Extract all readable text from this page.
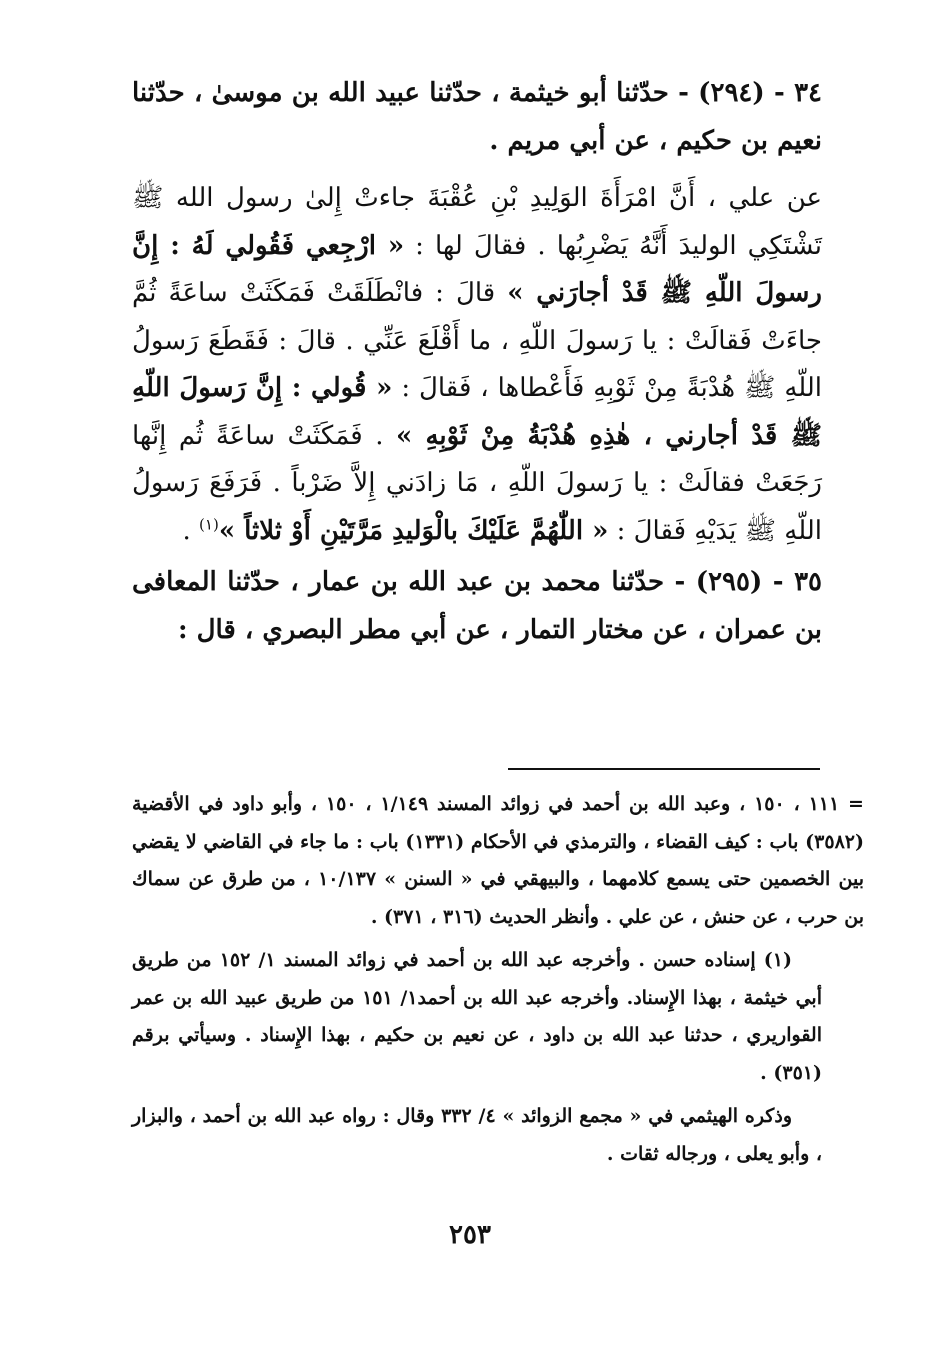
٣٤ - (٢٩٤) - حدّثنا أبو خيثمة ، حدّثنا عبيد الله بن موسىٰ ، حدّثنا نعيم بن حكيم ، عن أبي مريم .

عن علي ، أَنَّ امْرَأَةَ الوَلِيدِ بْنِ عُقْبَةَ جاءتْ إِلىٰ رسول الله ﷺ تَشْتَكِي الوليدَ أَنَّهُ يَضْرِبُها . فقالَ لها : « ارْجِعي فَقُولي لَهُ : إِنَّ رسولَ اللّهِ ﷺ قَدْ أجارَني » قالَ : فانْطَلَقَتْ فَمَكَثَتْ ساعَةً ثُمَّ جاءَتْ فَقالَتْ : يا رَسولَ اللّهِ ، ما أَقْلَعَ عَنِّي . قالَ : فَقَطَعَ رَسولُ اللّهِ ﷺ هُدْبَةً مِنْ ثَوْبِهِ فَأَعْطاها ، فَقالَ : « قُولي : إِنَّ رَسولَ اللّهِ ﷺ قَدْ أجارني ، هٰذِهِ هُدْبَةُ مِنْ ثَوْبِهِ » . فَمَكَثَتْ ساعَةً ثُم إِنَّها رَجَعَتْ فقالَتْ : يا رَسولَ اللّهِ ، مَا زادَني إِلاَّ ضَرْباً . فَرَفَعَ رَسولُ اللّهِ ﷺ يَدَيْهِ فَقالَ : « اللّٰهُمَّ عَلَيْكَ بالْوَليدِ مَرَّتَيْنِ أَوْ ثلاثاً »$^{(١)}$ .

٣٥ - (٢٩٥) - حدّثنا محمد بن عبد الله بن عمار ، حدّثنا المعافى بن عمران ، عن مختار التمار ، عن أبي مطر البصري ، قال :

= ١١١ ، ١٥٠ ، وعبد الله بن أحمد في زوائد المسند ١/١٤٩ ، ١٥٠ ، وأبو داود في الأقضية (٣٥٨٢) باب : كيف القضاء ، والترمذي في الأحكام (١٣٣١) باب : ما جاء في القاضي لا يقضي بين الخصمين حتى يسمع كلامهما ، والبيهقي في « السنن » ١٠/١٣٧ ، من طرق عن سماك بن حرب ، عن حنش ، عن علي . وأنظر الحديث (٣١٦ ، ٣٧١) .

(١) إسناده حسن . وأخرجه عبد الله بن أحمد في زوائد المسند ١/ ١٥٢ من طريق أبي خيثمة ، بهذا الإِسناد. وأخرجه عبد الله بن أحمد١/ ١٥١ من طريق عبيد الله بن عمر القواريري ، حدثنا عبد الله بن داود ، عن نعيم بن حكيم ، بهذا الإِسناد . وسيأتي برقم (٣٥١) .

وذكره الهيثمي في « مجمع الزوائد » ٤/ ٣٣٢ وقال : رواه عبد الله بن أحمد ، والبزار ، وأبو يعلى ، ورجاله ثقات .

٢٥٣
